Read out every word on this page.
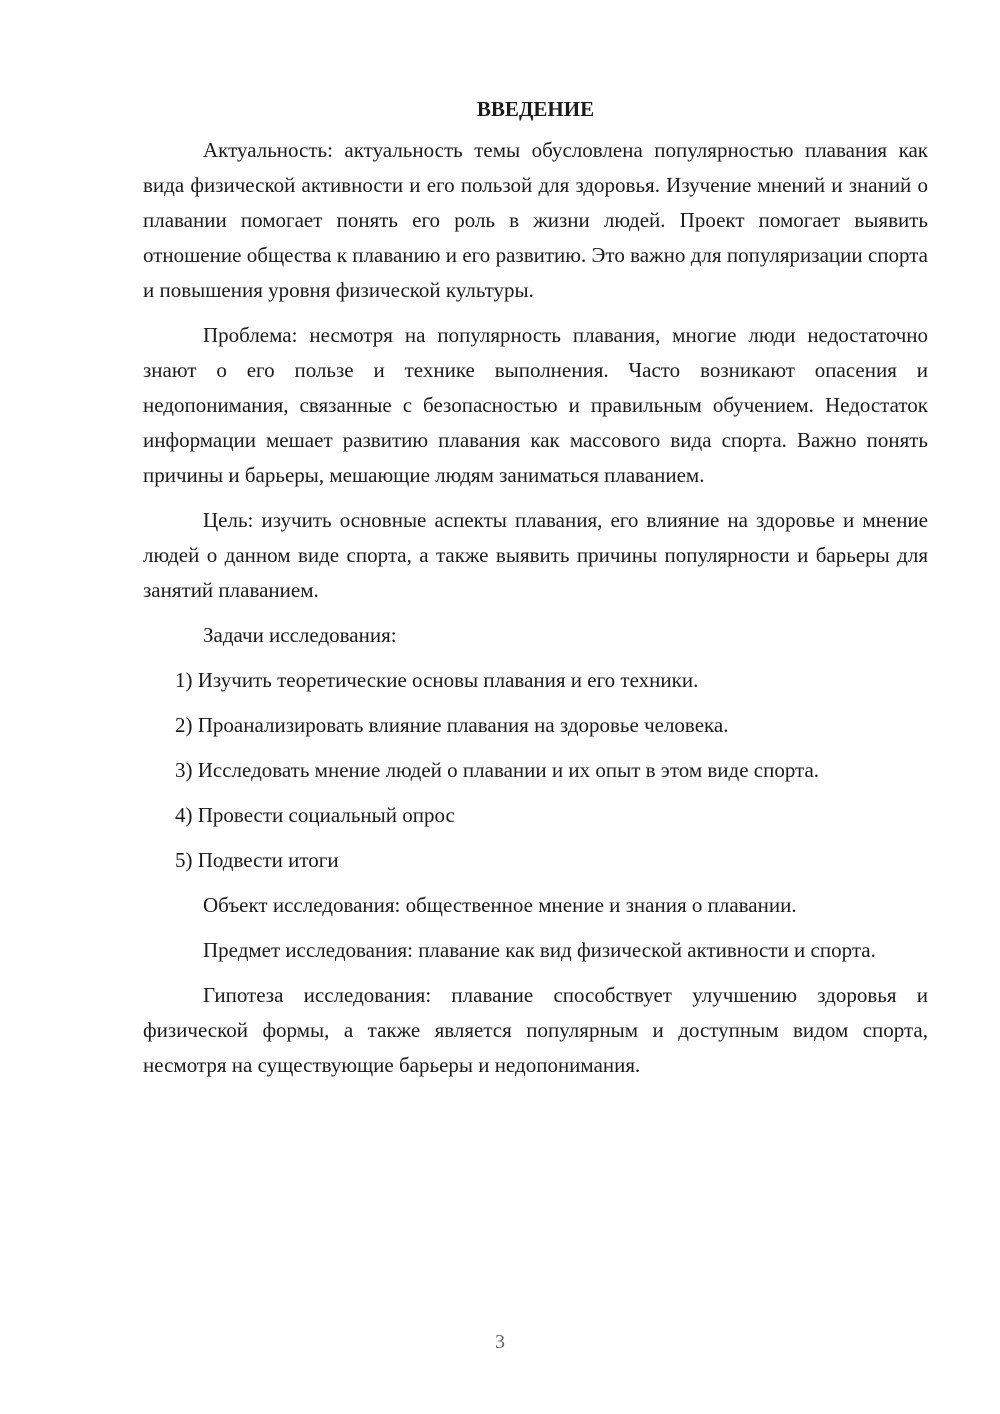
ВВЕДЕНИЕ

Актуальность: актуальность темы обусловлена популярностью плавания как вида физической активности и его пользой для здоровья. Изучение мнений и знаний о плавании помогает понять его роль в жизни людей. Проект помогает выявить отношение общества к плаванию и его развитию. Это важно для популяризации спорта и повышения уровня физической культуры.

Проблема: несмотря на популярность плавания, многие люди недостаточно знают о его пользе и технике выполнения. Часто возникают опасения и недопонимания, связанные с безопасностью и правильным обучением. Недостаток информации мешает развитию плавания как массового вида спорта. Важно понять причины и барьеры, мешающие людям заниматься плаванием.

Цель: изучить основные аспекты плавания, его влияние на здоровье и мнение людей о данном виде спорта, а также выявить причины популярности и барьеры для занятий плаванием.

Задачи исследования:

1) Изучить теоретические основы плавания и его техники.

2) Проанализировать влияние плавания на здоровье человека.

3) Исследовать мнение людей о плавании и их опыт в этом виде спорта.

4) Провести социальный опрос

5) Подвести итоги

Объект исследования: общественное мнение и знания о плавании.

Предмет исследования: плавание как вид физической активности и спорта.

Гипотеза исследования: плавание способствует улучшению здоровья и физической формы, а также является популярным и доступным видом спорта, несмотря на существующие барьеры и недопонимания.

3
